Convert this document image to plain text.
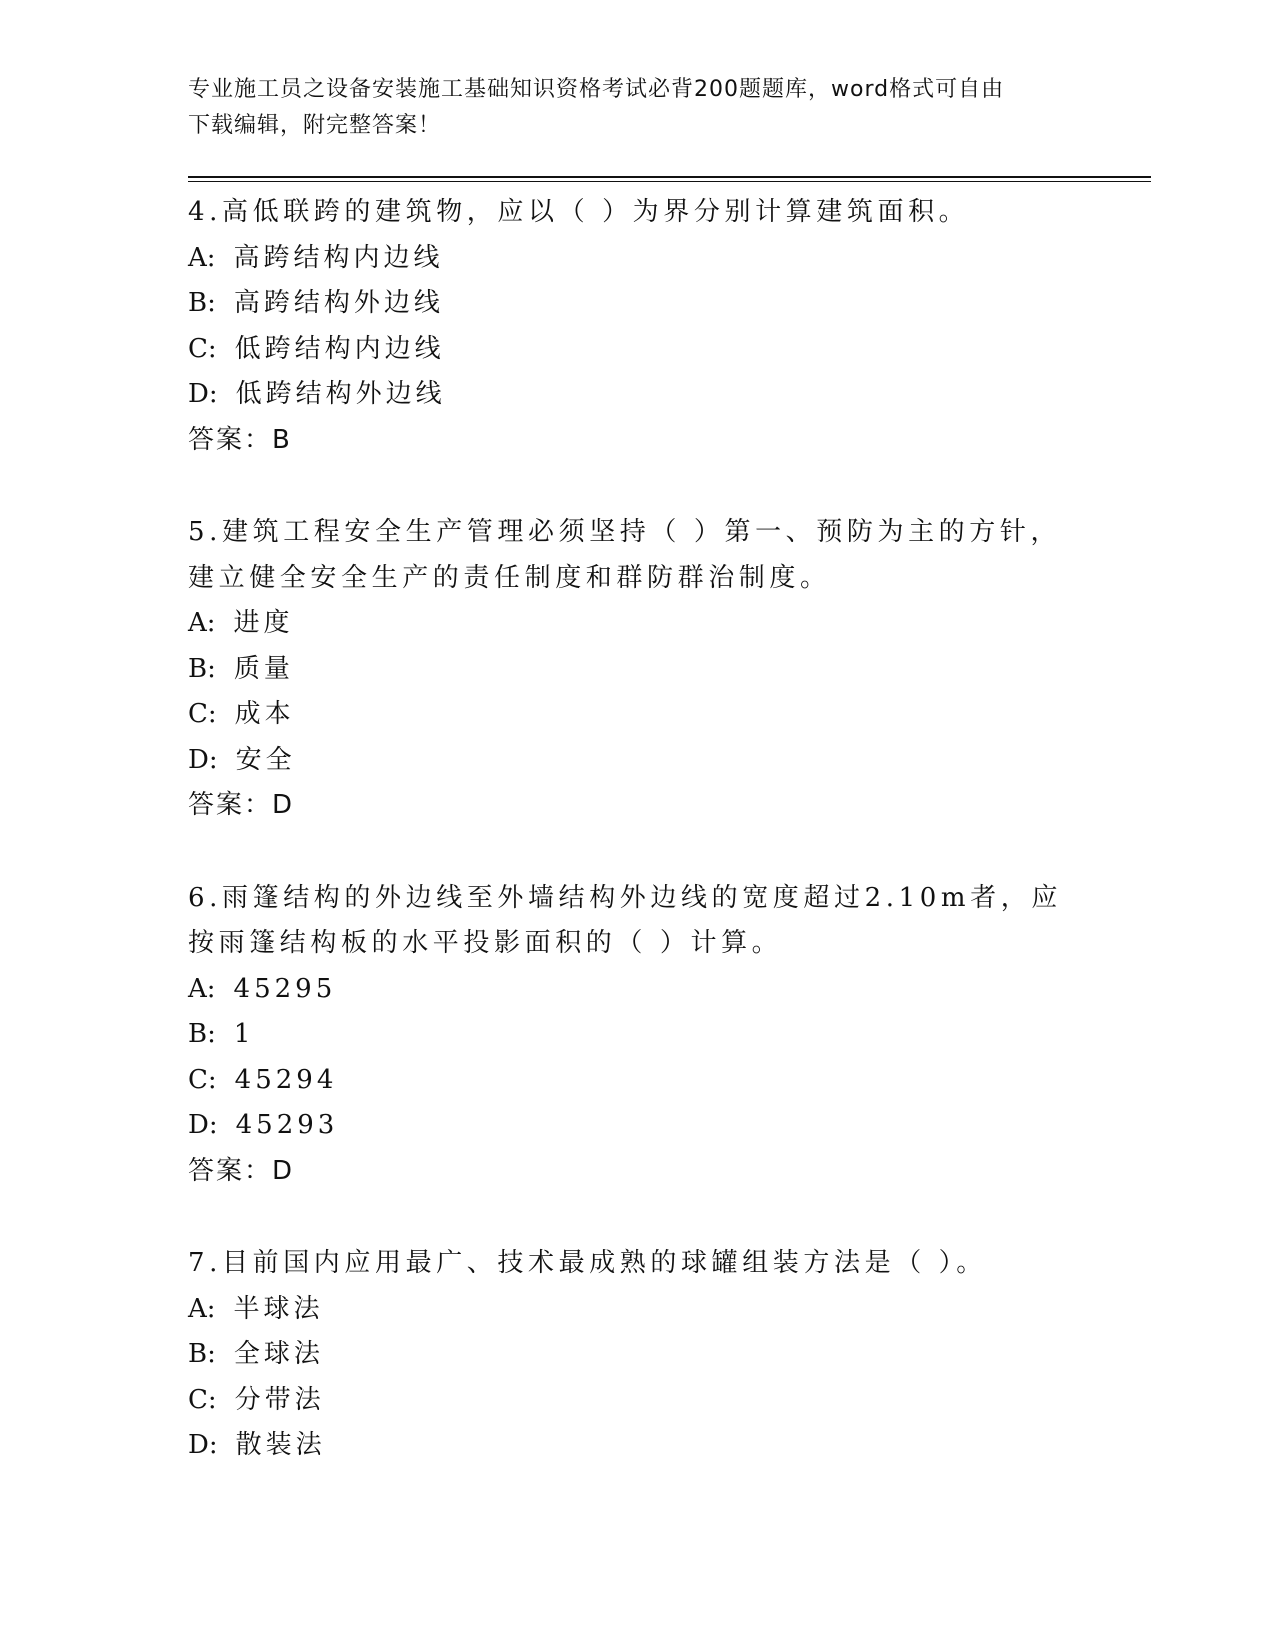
专业施工员之设备安装施工基础知识资格考试必背200题题库，word格式可自由
下载编辑，附完整答案！
4.高低联跨的建筑物，应以（ ）为界分别计算建筑面积。
A: 高跨结构内边线
B: 高跨结构外边线
C: 低跨结构内边线
D: 低跨结构外边线
答案：B
5.建筑工程安全生产管理必须坚持（ ）第一、预防为主的方针，建立健全安全生产的责任制度和群防群治制度。
A: 进度
B: 质量
C: 成本
D: 安全
答案：D
6.雨篷结构的外边线至外墙结构外边线的宽度超过2.10m者，应按雨篷结构板的水平投影面积的（ ）计算。
A: 45295
B: 1
C: 45294
D: 45293
答案：D
7.目前国内应用最广、技术最成熟的球罐组装方法是（ ）。
A: 半球法
B: 全球法
C: 分带法
D: 散装法
